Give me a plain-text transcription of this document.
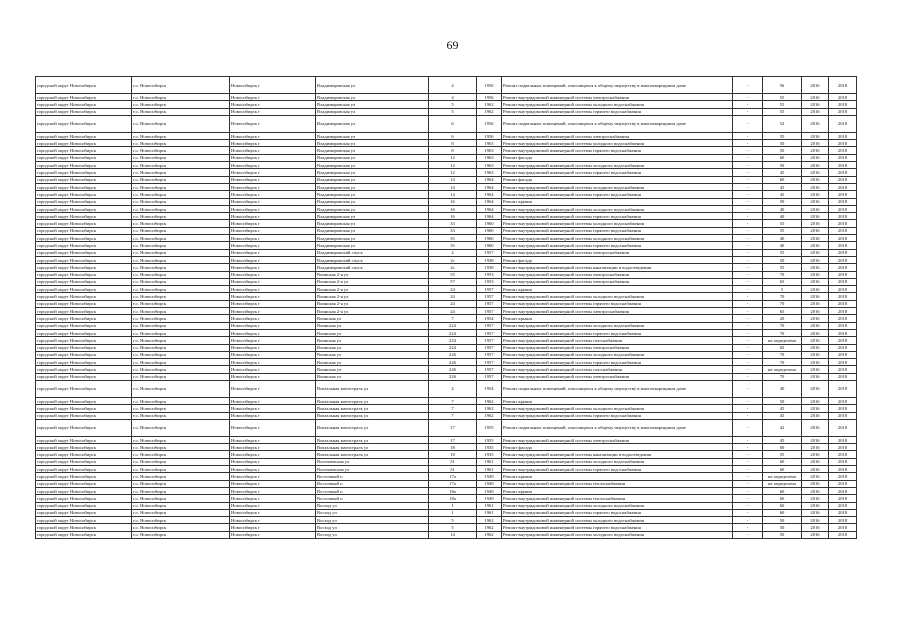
69
городской округ Новосибирск	г.о. Новосибирск	Новосибирск г	Владимировская ул	4	1956	Ремонт подвальных помещений, относящихся к общему имуществу в многоквартирном доме	-	56	2016	2018
городской округ Новосибирск	г.о. Новосибирск	Новосибирск г	Владимировская ул	4	1956	Ремонт внутридомовой инженерной системы электроснабжения	-	55	2016	2018
городской округ Новосибирск	г.о. Новосибирск	Новосибирск г	Владимировская ул	5	1962	Ремонт внутридомовой инженерной системы холодного водоснабжения	-	55	2016	2018
городской округ Новосибирск	г.о. Новосибирск	Новосибирск г	Владимировская ул	5	1962	Ремонт внутридомовой инженерной системы горячего водоснабжения	-	55	2016	2018
городской округ Новосибирск	г.о. Новосибирск	Новосибирск г	Владимировская ул	6	1956	Ремонт подвальных помещений, относящихся к общему имуществу в многоквартирном доме	-	52	2016	2018
городской округ Новосибирск	г.о. Новосибирск	Новосибирск г	Владимировская ул	6	1956	Ремонт внутридомовой инженерной системы электроснабжения	-	55	2016	2018
городской округ Новосибирск	г.о. Новосибирск	Новосибирск г	Владимировская ул	8	1963	Ремонт внутридомовой инженерной системы холодного водоснабжения	-	50	2016	2018
городской округ Новосибирск	г.о. Новосибирск	Новосибирск г	Владимировская ул	8	1963	Ремонт внутридомовой инженерной системы горячего водоснабжения	-	50	2016	2018
городской округ Новосибирск	г.о. Новосибирск	Новосибирск г	Владимировская ул	12	1963	Ремонт фасада	-	60	2016	2018
городской округ Новосибирск	г.о. Новосибирск	Новосибирск г	Владимировская ул	12	1963	Ремонт внутридомовой инженерной системы холодного водоснабжения	-	50	2016	2018
городской округ Новосибирск	г.о. Новосибирск	Новосибирск г	Владимировская ул	12	1963	Ремонт внутридомовой инженерной системы горячего водоснабжения	-	45	2016	2018
городской округ Новосибирск	г.о. Новосибирск	Новосибирск г	Владимировская ул	14	1964	Ремонт фасада	-	60	2016	2018
городской округ Новосибирск	г.о. Новосибирск	Новосибирск г	Владимировская ул	14	1964	Ремонт внутридомовой инженерной системы холодного водоснабжения	-	45	2016	2018
городской округ Новосибирск	г.о. Новосибирск	Новосибирск г	Владимировская ул	14	1964	Ремонт внутридомовой инженерной системы горячего водоснабжения	-	45	2016	2018
городской округ Новосибирск	г.о. Новосибирск	Новосибирск г	Владимировская ул	16	1964	Ремонт крыши	-	50	2016	2018
городской округ Новосибирск	г.о. Новосибирск	Новосибирск г	Владимировская ул	16	1964	Ремонт внутридомовой инженерной системы холодного водоснабжения	-	40	2016	2018
городской округ Новосибирск	г.о. Новосибирск	Новосибирск г	Владимировская ул	16	1964	Ремонт внутридомовой инженерной системы горячего водоснабжения	-	40	2016	2018
городской округ Новосибирск	г.о. Новосибирск	Новосибирск г	Владимировская ул	33	1960	Ремонт внутридомовой инженерной системы холодного водоснабжения	-	55	2016	2018
городской округ Новосибирск	г.о. Новосибирск	Новосибирск г	Владимировская ул	33	1960	Ремонт внутридомовой инженерной системы горячего водоснабжения	-	55	2016	2018
городской округ Новосибирск	г.о. Новосибирск	Новосибирск г	Владимировская ул	35	1960	Ремонт внутридомовой инженерной системы холодного водоснабжения	-	40	2016	2018
городской округ Новосибирск	г.о. Новосибирск	Новосибирск г	Владимировская ул	35	1960	Ремонт внутридомовой инженерной системы горячего водоснабжения	-	40	2016	2018
городской округ Новосибирск	г.о. Новосибирск	Новосибирск г	Владимировский спуск	2	1957	Ремонт внутридомовой инженерной системы электроснабжения	-	55	2016	2018
городской округ Новосибирск	г.о. Новосибирск	Новосибирск г	Владимировский спуск	2с	1938	Ремонт фасада	-	50	2016	2018
городской округ Новосибирск	г.о. Новосибирск	Новосибирск г	Владимировский спуск	2с	1938	Ремонт внутридомовой инженерной системы канализации и водоотведения	-	55	2016	2018
городской округ Новосибирск	г.о. Новосибирск	Новосибирск г	Воинская 2-я ул	55	1953	Ремонт внутридомовой инженерной системы электроснабжения	-	70	2016	2018
городской округ Новосибирск	г.о. Новосибирск	Новосибирск г	Воинская 2-я ул	57	1953	Ремонт внутридомовой инженерной системы электроснабжения	-	65	2016	2018
городской округ Новосибирск	г.о. Новосибирск	Новосибирск г	Воинская 2-я ул	24	1957	Ремонт крыши	-	5	2016	2018
городской округ Новосибирск	г.о. Новосибирск	Новосибирск г	Воинская 2-я ул	24	1957	Ремонт внутридомовой инженерной системы холодного водоснабжения	-	70	2016	2018
городской округ Новосибирск	г.о. Новосибирск	Новосибирск г	Воинская 2-я ул	24	1957	Ремонт внутридомовой инженерной системы горячего водоснабжения	-	70	2016	2018
городской округ Новосибирск	г.о. Новосибирск	Новосибирск г	Воинская 2-я ул	24	1957	Ремонт внутридомовой инженерной системы электроснабжения	-	65	2016	2018
городской округ Новосибирск	г.о. Новосибирск	Новосибирск г	Воинская ул	7	1954	Ремонт крыши	-	20	2016	2018
городской округ Новосибирск	г.о. Новосибирск	Новосибирск г	Воинская ул	224	1957	Ремонт внутридомовой инженерной системы холодного водоснабжения	-	70	2016	2018
городской округ Новосибирск	г.о. Новосибирск	Новосибирск г	Воинская ул	224	1957	Ремонт внутридомовой инженерной системы горячего водоснабжения	-	70	2016	2018
городской округ Новосибирск	г.о. Новосибирск	Новосибирск г	Воинская ул	224	1957	Ремонт внутридомовой инженерной системы газоснабжения	-	не определена	2016	2018
городской округ Новосибирск	г.о. Новосибирск	Новосибирск г	Воинская ул	224	1957	Ремонт внутридомовой инженерной системы электроснабжения	-	65	2016	2018
городской округ Новосибирск	г.о. Новосибирск	Новосибирск г	Воинская ул	226	1957	Ремонт внутридомовой инженерной системы холодного водоснабжения	-	70	2016	2018
городской округ Новосибирск	г.о. Новосибирск	Новосибирск г	Воинская ул	226	1957	Ремонт внутридомовой инженерной системы горячего водоснабжения	-	70	2016	2018
городской округ Новосибирск	г.о. Новосибирск	Новосибирск г	Воинская ул	226	1957	Ремонт внутридомовой инженерной системы газоснабжения	-	не определена	2016	2018
городской округ Новосибирск	г.о. Новосибирск	Новосибирск г	Воинская ул	226	1957	Ремонт внутридомовой инженерной системы электроснабжения	-	70	2016	2018
городской округ Новосибирск	г.о. Новосибирск	Новосибирск г	Вокзальная магистраль ул	2	1954	Ремонт подвальных помещений, относящихся к общему имуществу в многоквартирном доме	-	40	2016	2018
городской округ Новосибирск	г.о. Новосибирск	Новосибирск г	Вокзальная магистраль ул	7	1962	Ремонт крыши	-	50	2016	2018
городской округ Новосибирск	г.о. Новосибирск	Новосибирск г	Вокзальная магистраль ул	7	1962	Ремонт внутридомовой инженерной системы холодного водоснабжения	-	45	2016	2018
городской округ Новосибирск	г.о. Новосибирск	Новосибирск г	Вокзальная магистраль ул	7	1962	Ремонт внутридомовой инженерной системы горячего водоснабжения	-	45	2016	2018
городской округ Новосибирск	г.о. Новосибирск	Новосибирск г	Вокзальная магистраль ул	17	1955	Ремонт подвальных помещений, относящихся к общему имуществу в многоквартирном доме	-	42	2016	2018
городской округ Новосибирск	г.о. Новосибирск	Новосибирск г	Вокзальная магистраль ул	17	1955	Ремонт внутридомовой инженерной системы электроснабжения	-	45	2016	2018
городской округ Новосибирск	г.о. Новосибирск	Новосибирск г	Вокзальная магистраль ул	18	1935	Ремонт фасада	-	60	2016	2018
городской округ Новосибирск	г.о. Новосибирск	Новосибирск г	Вокзальная магистраль ул	18	1935	Ремонт внутридомовой инженерной системы канализации и водоотведения	-	55	2016	2018
городской округ Новосибирск	г.о. Новосибирск	Новосибирск г	Волочаевская ул	51	1961	Ремонт внутридомовой инженерной системы холодного водоснабжения	-	60	2016	2018
городской округ Новосибирск	г.о. Новосибирск	Новосибирск г	Волочаевская ул	51	1961	Ремонт внутридомовой инженерной системы горячего водоснабжения	-	60	2016	2018
городской округ Новосибирск	г.о. Новосибирск	Новосибирск г	Восточный п	17а	1949	Ремонт крыши	-	не определена	2016	2018
городской округ Новосибирск	г.о. Новосибирск	Новосибирск г	Восточный п	17а	1949	Ремонт внутридомовой инженерной системы теплоснабжения	-	не определена	2016	2018
городской округ Новосибирск	г.о. Новосибирск	Новосибирск г	Восточный п	18а	1949	Ремонт крыши	-	60	2016	2018
городской округ Новосибирск	г.о. Новосибирск	Новосибирск г	Восточный п	18а	1949	Ремонт внутридомовой инженерной системы теплоснабжения	-	60	2016	2018
городской округ Новосибирск	г.о. Новосибирск	Новосибирск г	Восход ул	1	1961	Ремонт внутридомовой инженерной системы холодного водоснабжения	-	60	2016	2018
городской округ Новосибирск	г.о. Новосибирск	Новосибирск г	Восход ул	1	1961	Ремонт внутридомовой инженерной системы горячего водоснабжения	-	60	2016	2018
городской округ Новосибирск	г.о. Новосибирск	Новосибирск г	Восход ул	5	1962	Ремонт внутридомовой инженерной системы холодного водоснабжения	-	50	2016	2018
городской округ Новосибирск	г.о. Новосибирск	Новосибирск г	Восход ул	5	1962	Ремонт внутридомовой инженерной системы горячего водоснабжения	-	50	2016	2018
городской округ Новосибирск	г.о. Новосибирск	Новосибирск г	Восход ул	14	1962	Ремонт внутридомовой инженерной системы холодного водоснабжения	-	50	2016	2018
